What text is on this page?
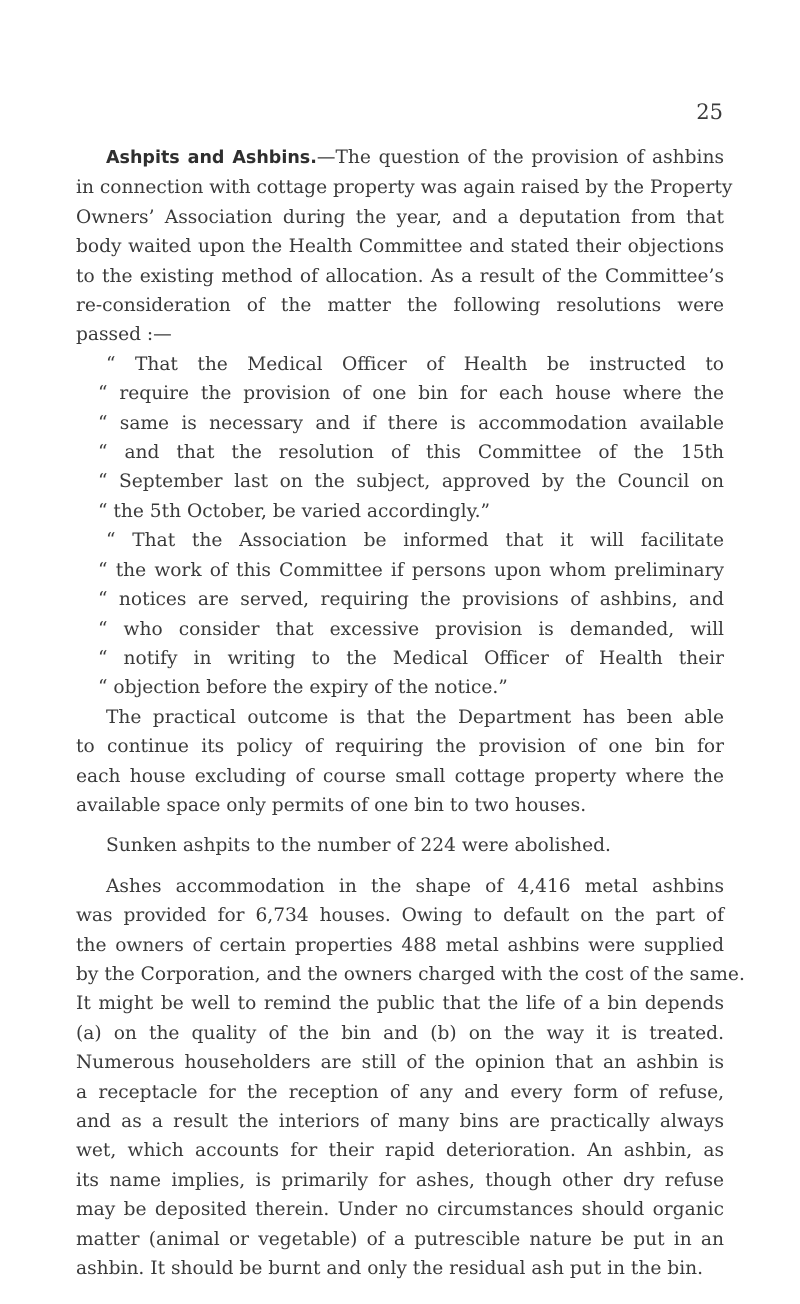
25
Ashpits and Ashbins.—The question of the provision of ashbins
in connection with cottage property was again raised by the Property
Owners’ Association during the year, and a deputation from that
body waited upon the Health Committee and stated their objections
to the existing method of allocation. As a result of the Committee’s
re-consideration of the matter the following resolutions were
passed :—
“ That the Medical Officer of Health be instructed to
“ require the provision of one bin for each house where the
“ same is necessary and if there is accommodation available
“ and that the resolution of this Committee of the 15th
“ September last on the subject, approved by the Council on
“ the 5th October, be varied accordingly.”
“ That the Association be informed that it will facilitate
“ the work of this Committee if persons upon whom preliminary
“ notices are served, requiring the provisions of ashbins, and
“ who consider that excessive provision is demanded, will
“ notify in writing to the Medical Officer of Health their
“ objection before the expiry of the notice.”
The practical outcome is that the Department has been able
to continue its policy of requiring the provision of one bin for
each house excluding of course small cottage property where the
available space only permits of one bin to two houses.
Sunken ashpits to the number of 224 were abolished.
Ashes accommodation in the shape of 4,416 metal ashbins
was provided for 6,734 houses. Owing to default on the part of
the owners of certain properties 488 metal ashbins were supplied
by the Corporation, and the owners charged with the cost of the same.
It might be well to remind the public that the life of a bin depends
(a) on the quality of the bin and (b) on the way it is treated.
Numerous householders are still of the opinion that an ashbin is
a receptacle for the reception of any and every form of refuse,
and as a result the interiors of many bins are practically always
wet, which accounts for their rapid deterioration. An ashbin, as
its name implies, is primarily for ashes, though other dry refuse
may be deposited therein. Under no circumstances should organic
matter (animal or vegetable) of a putrescible nature be put in an
ashbin. It should be burnt and only the residual ash put in the bin.
